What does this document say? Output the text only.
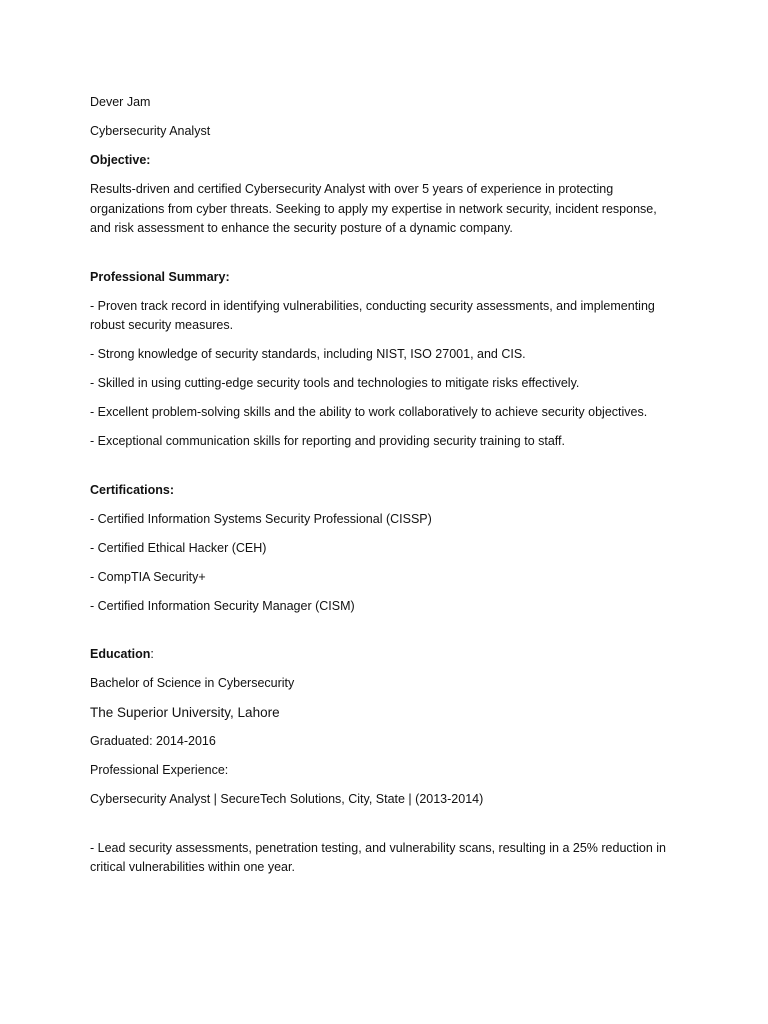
Dever Jam

Cybersecurity Analyst

Objective:

Results-driven and certified Cybersecurity Analyst with over 5 years of experience in protecting organizations from cyber threats. Seeking to apply my expertise in network security, incident response, and risk assessment to enhance the security posture of a dynamic company.

Professional Summary:

- Proven track record in identifying vulnerabilities, conducting security assessments, and implementing robust security measures.

- Strong knowledge of security standards, including NIST, ISO 27001, and CIS.

- Skilled in using cutting-edge security tools and technologies to mitigate risks effectively.

- Excellent problem-solving skills and the ability to work collaboratively to achieve security objectives.

- Exceptional communication skills for reporting and providing security training to staff.

Certifications:

- Certified Information Systems Security Professional (CISSP)

- Certified Ethical Hacker (CEH)

- CompTIA Security+

- Certified Information Security Manager (CISM)

Education:

Bachelor of Science in Cybersecurity

The Superior University, Lahore

Graduated: 2014-2016

Professional Experience:

Cybersecurity Analyst | SecureTech Solutions, City, State | (2013-2014)

- Lead security assessments, penetration testing, and vulnerability scans, resulting in a 25% reduction in critical vulnerabilities within one year.
